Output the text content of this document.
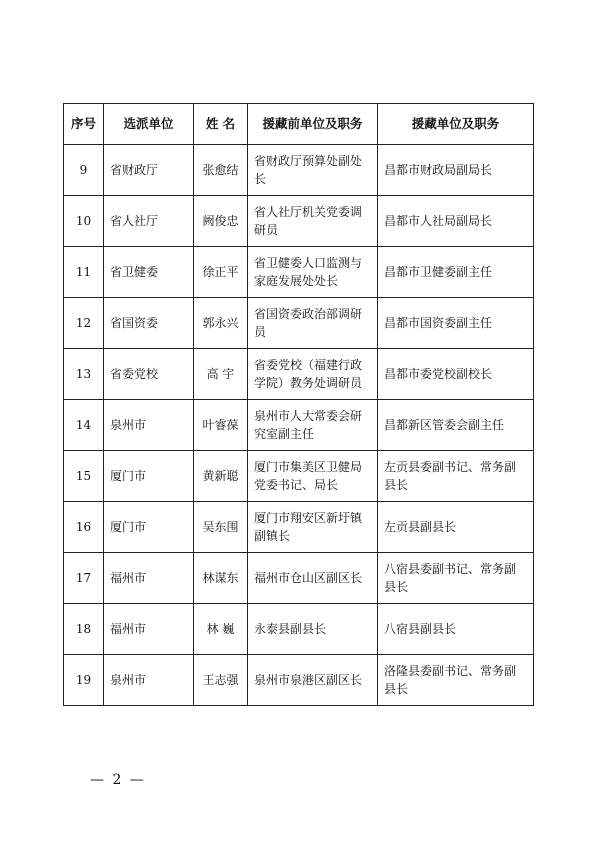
序号	选派单位	姓 名	援藏前单位及职务	援藏单位及职务
9	省财政厅	张愈结	省财政厅预算处副处长	昌都市财政局副局长
10	省人社厅	阙俊忠	省人社厅机关党委调研员	昌都市人社局副局长
11	省卫健委	徐正平	省卫健委人口监测与家庭发展处处长	昌都市卫健委副主任
12	省国资委	郭永兴	省国资委政治部调研员	昌都市国资委副主任
13	省委党校	高 宇	省委党校（福建行政学院）教务处调研员	昌都市委党校副校长
14	泉州市	叶睿葆	泉州市人大常委会研究室副主任	昌都新区管委会副主任
15	厦门市	黄新聪	厦门市集美区卫健局党委书记、局长	左贡县委副书记、常务副县长
16	厦门市	吴东围	厦门市翔安区新圩镇副镇长	左贡县副县长
17	福州市	林谋东	福州市仓山区副区长	八宿县委副书记、常务副县长
18	福州市	林 巍	永泰县副县长	八宿县副县长
19	泉州市	王志强	泉州市泉港区副区长	洛隆县委副书记、常务副县长
— 2 —
